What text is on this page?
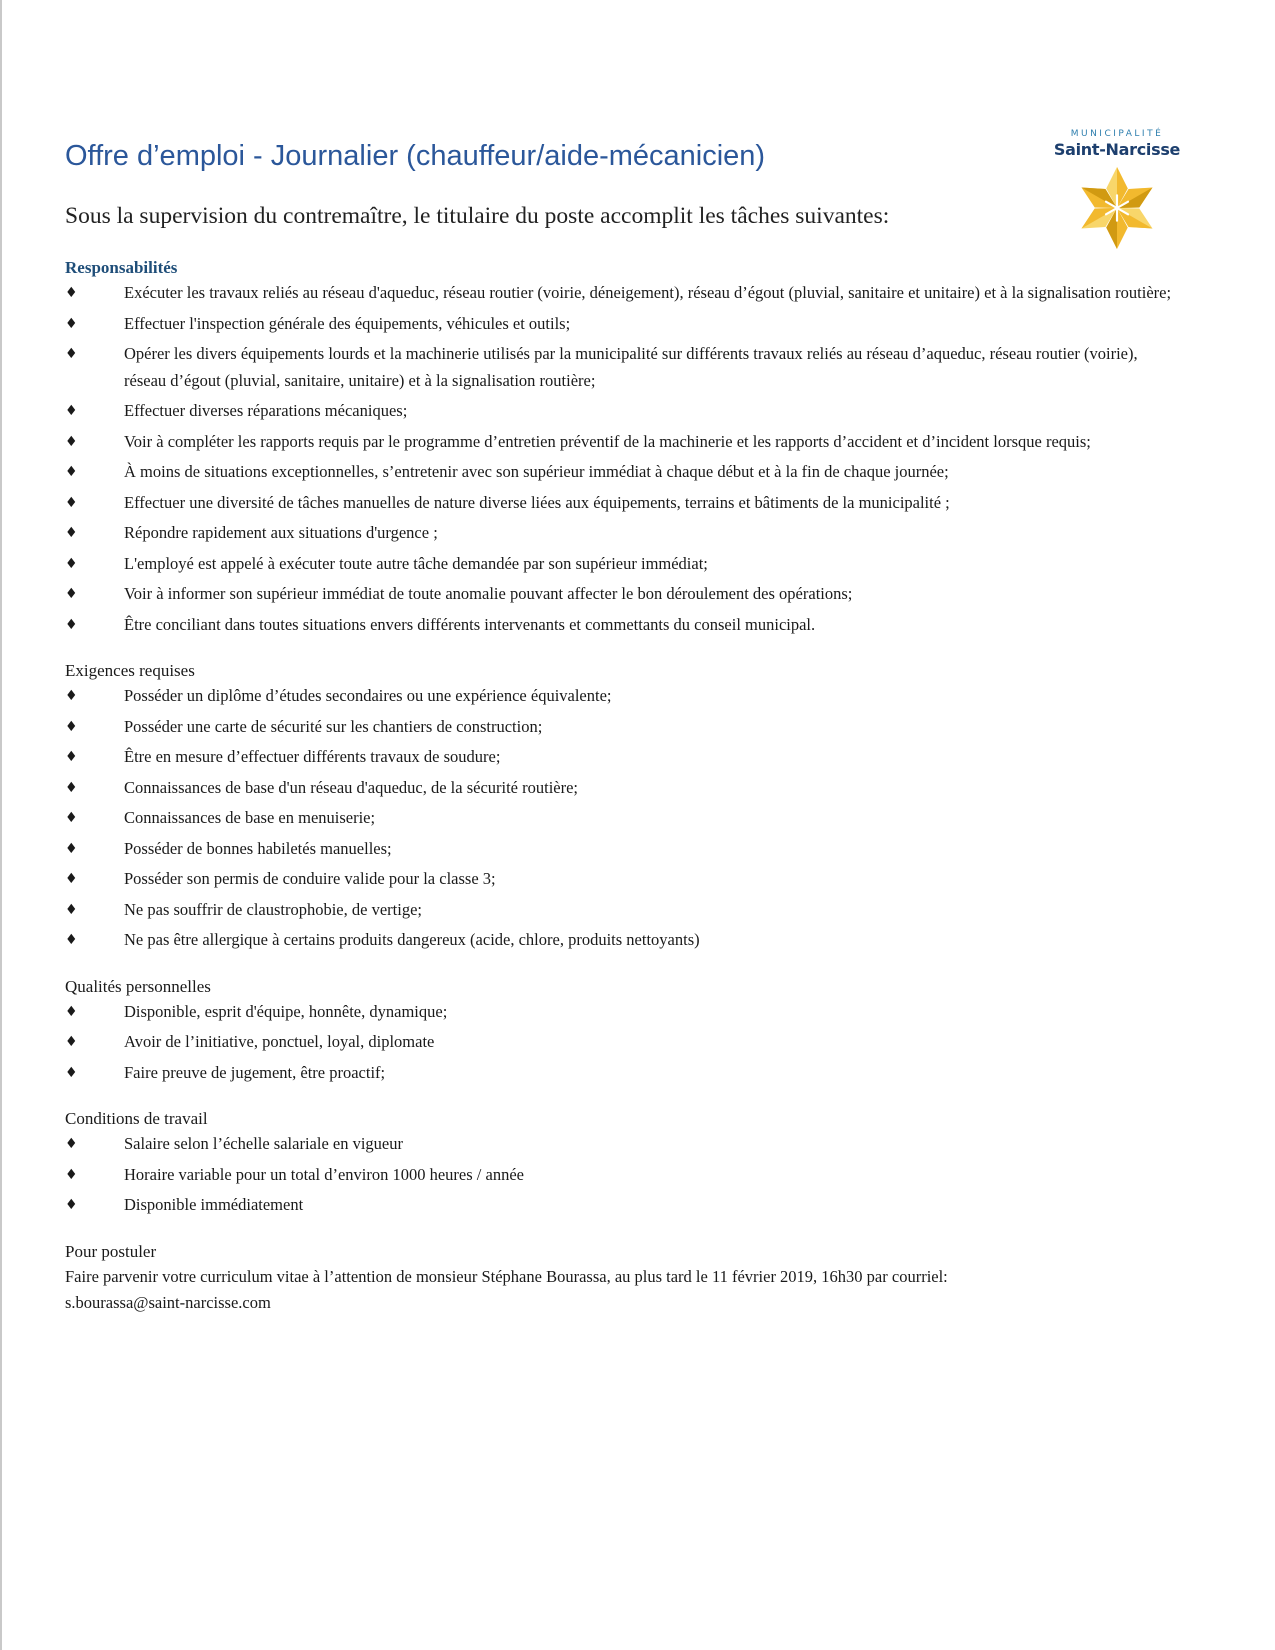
MUNICIPALITÉ
Saint-Narcisse
Offre d’emploi - Journalier (chauffeur/aide-mécanicien)
Sous la supervision du contremaître, le titulaire du poste accomplit les tâches suivantes:
Responsabilités
♦	Exécuter les travaux reliés au réseau d'aqueduc, réseau routier (voirie, déneigement), réseau d’égout (pluvial, sanitaire et unitaire) et à la signalisation routière;
♦	Effectuer l'inspection générale des équipements, véhicules et outils;
♦	Opérer les divers équipements lourds et la machinerie utilisés par la municipalité sur différents travaux reliés au réseau d’aqueduc, réseau routier (voirie), réseau d’égout (pluvial, sanitaire, unitaire) et à la signalisation routière;
♦	Effectuer diverses réparations mécaniques;
♦	Voir à compléter les rapports requis par le programme d’entretien préventif de la machinerie et les rapports d’accident et d’incident lorsque requis;
♦	À moins de situations exceptionnelles, s’entretenir avec son supérieur immédiat à chaque début et à la fin de chaque journée;
♦	Effectuer une diversité de tâches manuelles de nature diverse liées aux équipements, terrains et bâtiments de la municipalité ;
♦	Répondre rapidement aux situations d'urgence ;
♦	L'employé est appelé à exécuter toute autre tâche demandée par son supérieur immédiat;
♦	Voir à informer son supérieur immédiat de toute anomalie pouvant affecter le bon déroulement des opérations;
♦	Être conciliant dans toutes situations envers différents intervenants et commettants du conseil municipal.
Exigences requises
♦	Posséder un diplôme d’études secondaires ou une expérience équivalente;
♦	Posséder une carte de sécurité sur les chantiers de construction;
♦	Être en mesure d’effectuer différents travaux de soudure;
♦	Connaissances de base d'un réseau d'aqueduc, de la sécurité routière;
♦	Connaissances de base en menuiserie;
♦	Posséder de bonnes habiletés manuelles;
♦	Posséder son permis de conduire valide pour la classe 3;
♦	Ne pas souffrir de claustrophobie, de vertige;
♦	Ne pas être allergique à certains produits dangereux (acide, chlore, produits nettoyants)
Qualités personnelles
♦	Disponible, esprit d'équipe, honnête, dynamique;
♦	Avoir de l’initiative, ponctuel, loyal, diplomate
♦	Faire preuve de jugement, être proactif;
Conditions de travail
♦	Salaire selon l’échelle salariale en vigueur
♦	Horaire variable pour un total d’environ 1000 heures / année
♦	Disponible immédiatement
Pour postuler
Faire parvenir votre curriculum vitae à l’attention de monsieur Stéphane Bourassa, au plus tard le 11 février 2019, 16h30 par courriel:
s.bourassa@saint-narcisse.com
